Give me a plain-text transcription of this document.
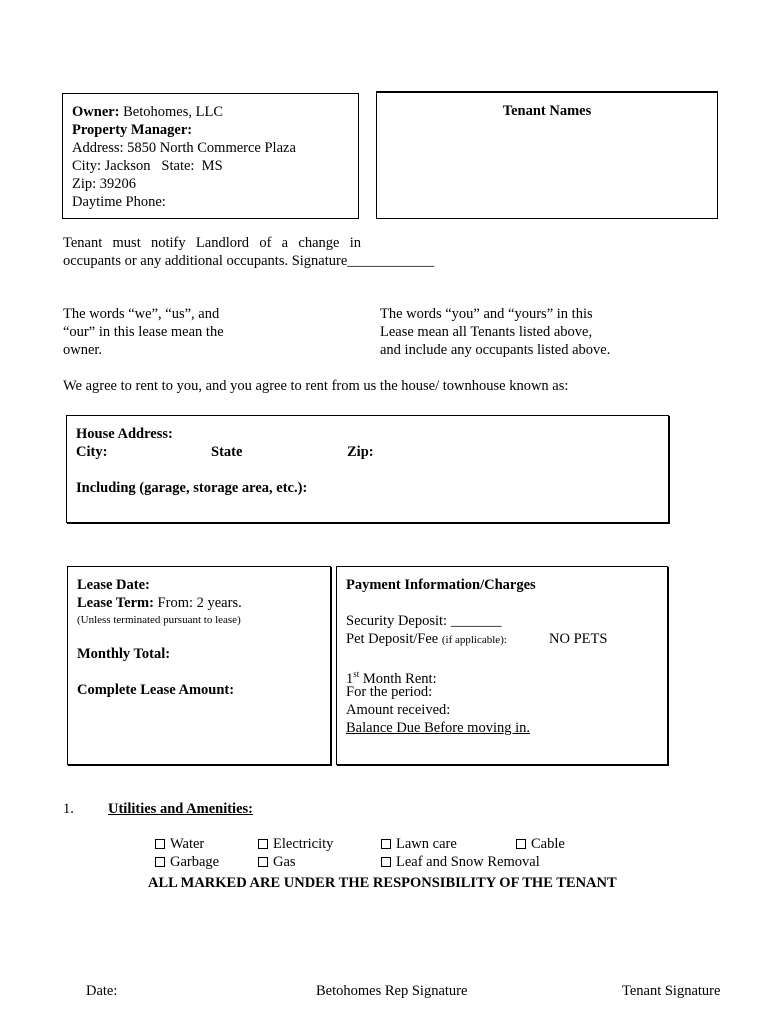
Owner: Betohomes, LLC
Property Manager:
Address: 5850 North Commerce Plaza
City: Jackson   State:  MS
Zip: 39206
Daytime Phone:
Tenant Names
Tenant must notify Landlord of a change in
occupants or any additional occupants. Signature____________
The words “we”, “us”, and
“our” in this lease mean the
owner.
The words “you” and “yours” in this
Lease mean all Tenants listed above,
and include any occupants listed above.
We agree to rent to you, and you agree to rent from us the house/ townhouse known as:
House Address:
City:	State	Zip:
Including (garage, storage area, etc.):
Lease Date:
Lease Term: From: 2 years.
(Unless terminated pursuant to lease)
Monthly Total:
Complete Lease Amount:
Payment Information/Charges
Security Deposit: _______
Pet Deposit/Fee (if applicable):	NO PETS
1st Month Rent:
For the period:
Amount received:
Balance Due Before moving in.
1. Utilities and Amenities:
Water	Electricity	Lawn care	Cable
Garbage	Gas	Leaf and Snow Removal
ALL MARKED ARE UNDER THE RESPONSIBILITY OF THE TENANT
Date:	Betohomes Rep Signature	Tenant Signature
